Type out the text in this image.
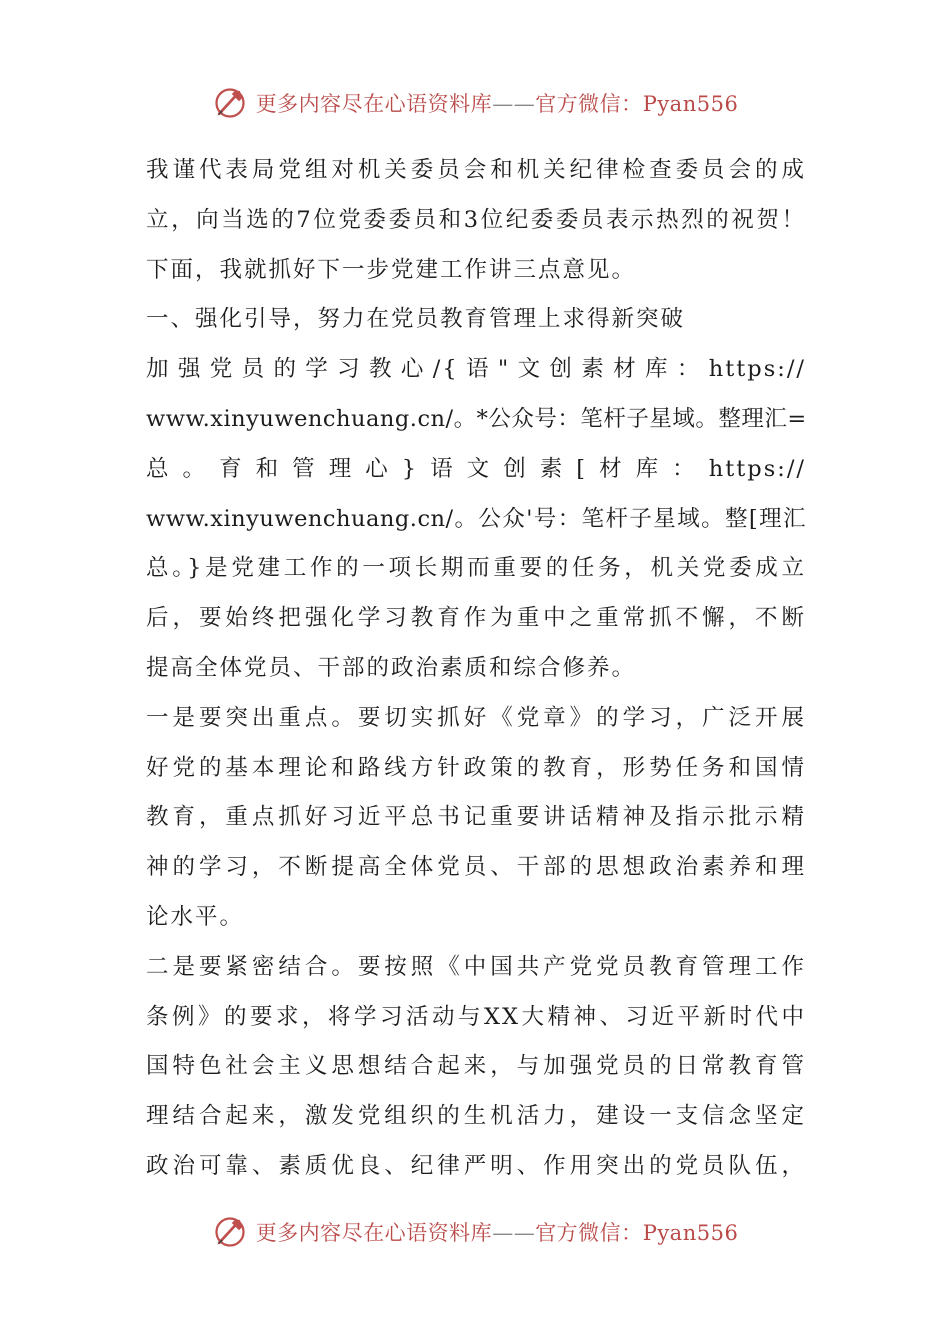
更多内容尽在心语资料库——官方微信：Pyan556
我谨代表局党组对机关委员会和机关纪律检查委员会的成
立，向当选的7位党委委员和3位纪委委员表示热烈的祝贺！
下面，我就抓好下一步党建工作讲三点意见。
一、强化引导，努力在党员教育管理上求得新突破
加强党员的学习教心/{语"文创素材库：https://
www.xinyuwenchuang.cn/。*公众号：笔杆子星域。整理汇=
总。育和管理心}语文创素[材库：https://
www.xinyuwenchuang.cn/。公众'号：笔杆子星域。整[理汇
总。}是党建工作的一项长期而重要的任务，机关党委成立
后，要始终把强化学习教育作为重中之重常抓不懈，不断
提高全体党员、干部的政治素质和综合修养。
一是要突出重点。要切实抓好《党章》的学习，广泛开展
好党的基本理论和路线方针政策的教育，形势任务和国情
教育，重点抓好习近平总书记重要讲话精神及指示批示精
神的学习，不断提高全体党员、干部的思想政治素养和理
论水平。
二是要紧密结合。要按照《中国共产党党员教育管理工作
条例》的要求，将学习活动与XX大精神、习近平新时代中
国特色社会主义思想结合起来，与加强党员的日常教育管
理结合起来，激发党组织的生机活力，建设一支信念坚定
政治可靠、素质优良、纪律严明、作用突出的党员队伍，
更多内容尽在心语资料库——官方微信：Pyan556
